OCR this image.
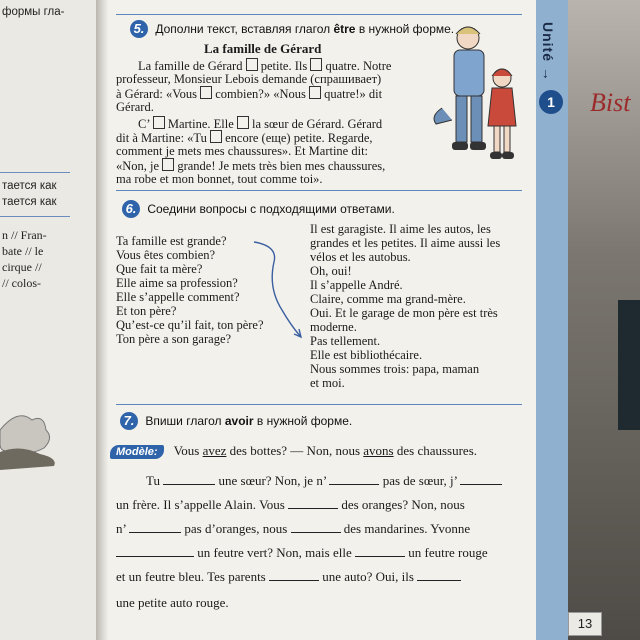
формы гла-
тается как
тается как
n // Fran-
bate // le
cirque //
// colos-
5. Дополни текст, вставляя глагол être в нужной форме.
La famille de Gérard
La famille de Gérard petite. Ils quatre. Notre
professeur, Monsieur Lebois demande (спрашивает)
à Gérard: «Vous combien?» «Nous quatre!» dit
Gérard.
C’ Martine. Elle la sœur de Gérard. Gérard
dit à Martine: «Tu encore (еще) petite. Regarde,
comment je mets mes chaussures». Et Martine dit:
«Non, je grande! Je mets très bien mes chaussures,
ma robe et mon bonnet, tout comme toi».
6. Соедини вопросы с подходящими ответами.
Ta famille est grande?
Vous êtes combien?
Que fait ta mère?
Elle aime sa profession?
Elle s’appelle comment?
Et ton père?
Qu’est-ce qu’il fait, ton père?
Ton père a son garage?
Il est garagiste. Il aime les autos, les
grandes et les petites. Il aime aussi les
vélos et les autobus.
Oh, oui!
Il s’appelle André.
Claire, comme ma grand-mère.
Oui. Et le garage de mon père est très
moderne.
Pas tellement.
Elle est bibliothécaire.
Nous sommes trois: papa, maman
et moi.
7. Впиши глагол avoir в нужной форме.
Modèle: Vous avez des bottes? — Non, nous avons des chaussures.
Tu	une sœur? Non, je n’	pas de sœur, j’
un frère. Il s’appelle Alain. Vous	des oranges? Non, nous
n’	pas d’oranges, nous	des mandarines. Yvonne
un feutre vert? Non, mais elle	un feutre rouge
et un feutre bleu. Tes parents	une auto? Oui, ils
une petite auto rouge.
Unité →
1	Bist
13
